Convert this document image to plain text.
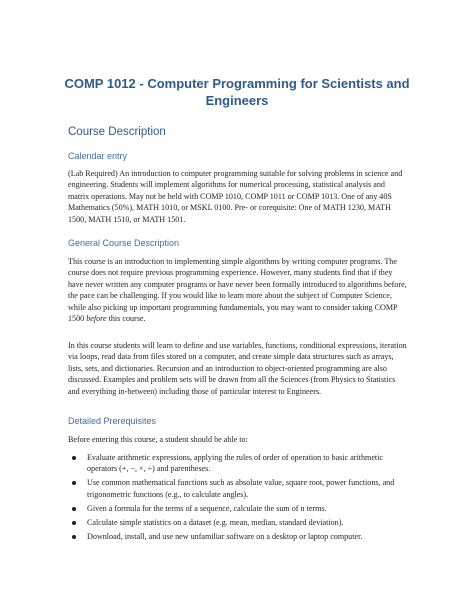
COMP 1012 - Computer Programming for Scientists and Engineers
Course Description
Calendar entry

(Lab Required) An introduction to computer programming suitable for solving problems in science and engineering. Students will implement algorithms for numerical processing, statistical analysis and matrix operations. May not be held with COMP 1010, COMP 1011 or COMP 1013. One of any 40S Mathematics (50%), MATH 1010, or MSKL 0100. Pre- or corequisite: One of MATH 1230, MATH 1500, MATH 1510, or MATH 1501.

General Course Description

This course is an introduction to implementing simple algorithms by writing computer programs. The course does not require previous programming experience. However, many students find that if they have never written any computer programs or have never been formally introduced to algorithms before, the pace can be challenging. If you would like to learn more about the subject of Computer Science, while also picking up important programming fundamentals, you may want to consider taking COMP 1500 before this course.

In this course students will learn to define and use variables, functions, conditional expressions, iteration via loops, read data from files stored on a computer, and create simple data structures such as arrays, lists, sets, and dictionaries. Recursion and an introduction to object-oriented programming are also discussed. Examples and problem sets will be drawn from all the Sciences (from Physics to Statistics and everything in-between) including those of particular interest to Engineers.

Detailed Prerequisites

Before entering this course, a student should be able to:

Evaluate arithmetic expressions, applying the rules of order of operation to basic arithmetic operators (+, −, ×, ÷) and parentheses.
Use common mathematical functions such as absolute value, square root, power functions, and trigonometric functions (e.g., to calculate angles).
Given a formula for the terms of a sequence, calculate the sum of n terms.
Calculate simple statistics on a dataset (e.g. mean, median, standard deviation).
Download, install, and use new unfamiliar software on a desktop or laptop computer.
